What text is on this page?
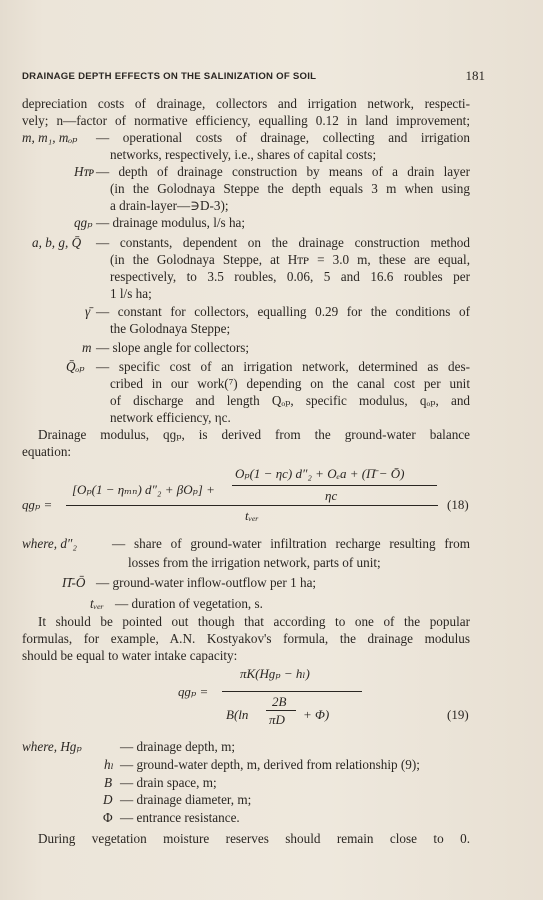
DRAINAGE DEPTH EFFECTS ON THE SALINIZATION OF SOIL	181
depreciation costs of drainage, collectors and irrigation network, respecti-
vely; n—factor of normative efficiency, equalling 0.12 in land improvement;
m, m₁, mₒₚ — operational costs of drainage, collecting and irrigation
networks, respectively, i.e., shares of capital costs;
Hᴛᴘ — depth of drainage construction by means of a drain layer
(in the Golodnaya Steppe the depth equals 3 m when using
a drain-layer—∋D-3);
qɡₚ — drainage modulus, l/s ha;
a, b, g, Q̄ — constants, dependent on the drainage construction method
(in the Golodnaya Steppe, at Hᴛᴘ = 3.0 m, these are equal,
respectively, to 3.5 roubles, 0.06, 5 and 16.6 roubles per
1 l/s ha;
γ̄ — constant for collectors, equalling 0.29 for the conditions of
the Golodnaya Steppe;
m — slope angle for collectors;
Q̄ₒₚ — specific cost of an irrigation network, determined as des-
cribed in our work(⁷) depending on the canal cost per unit
of discharge and length Qₒₚ, specific modulus, qₒₚ, and
network efficiency, ηc.
Drainage modulus, qɡₚ, is derived from the ground-water balance
equation:
qɡₚ =
[Oₚ(1 − ηₘₙ) d″₂ + βOₚ] +
Oₚ(1 − ηc) d″₂ + Oₑa + (Π̄ − Ō)
ηc
tᵥₑᵣ
(18)
where, d″₂	— share of ground-water infiltration recharge resulting from
losses from the irrigation network, parts of unit;
Π̄-Ō — ground-water inflow-outflow per 1 ha;
tᵥₑᵣ — duration of vegetation, s.
It should be pointed out though that according to one of the popular
formulas, for example, A.N. Kostyakov's formula, the drainage modulus
should be equal to water intake capacity:
qɡₚ =
πK(Hɡₚ − hₗ)
B(ln
2B
πD + Φ)	(19)
where, Hɡₚ	— drainage depth, m;
hₗ — ground-water depth, m, derived from relationship (9);
B — drain space, m;
D — drainage diameter, m;
Φ — entrance resistance.
During vegetation moisture reserves should remain close to 0.
